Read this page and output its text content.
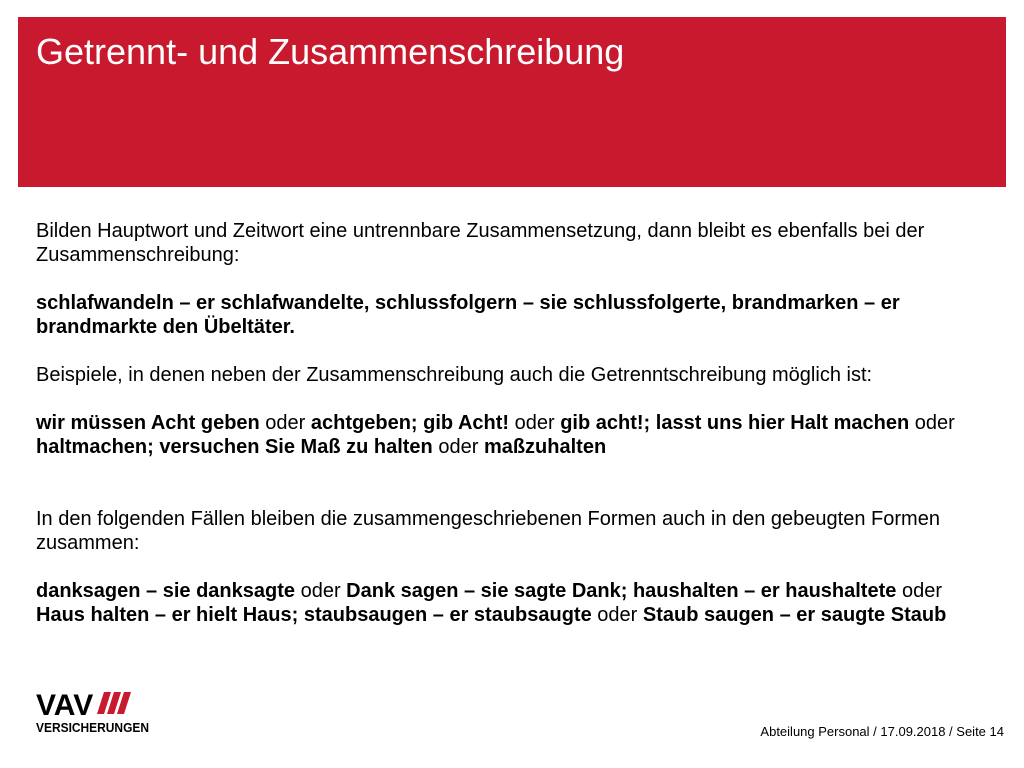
Getrennt- und Zusammenschreibung

Bilden Hauptwort und Zeitwort eine untrennbare Zusammensetzung, dann bleibt es ebenfalls bei der Zusammenschreibung:

schlafwandeln – er schlafwandelte, schlussfolgern – sie schlussfolgerte, brandmarken – er brandmarkte den Übeltäter.

Beispiele, in denen neben der Zusammenschreibung auch die Getrenntschreibung möglich ist:

wir müssen Acht geben oder achtgeben; gib Acht! oder gib acht!; lasst uns hier Halt machen oder haltmachen; versuchen Sie Maß zu halten oder maßzuhalten

In den folgenden Fällen bleiben die zusammengeschriebenen Formen auch in den gebeugten Formen zusammen:

danksagen – sie danksagte oder Dank sagen – sie sagte Dank; haushalten – er haushaltete oder Haus halten – er hielt Haus; staubsaugen – er staubsaugte oder Staub saugen – er saugte Staub

VAV
VERSICHERUNGEN	Abteilung Personal / 17.09.2018 / Seite 14
